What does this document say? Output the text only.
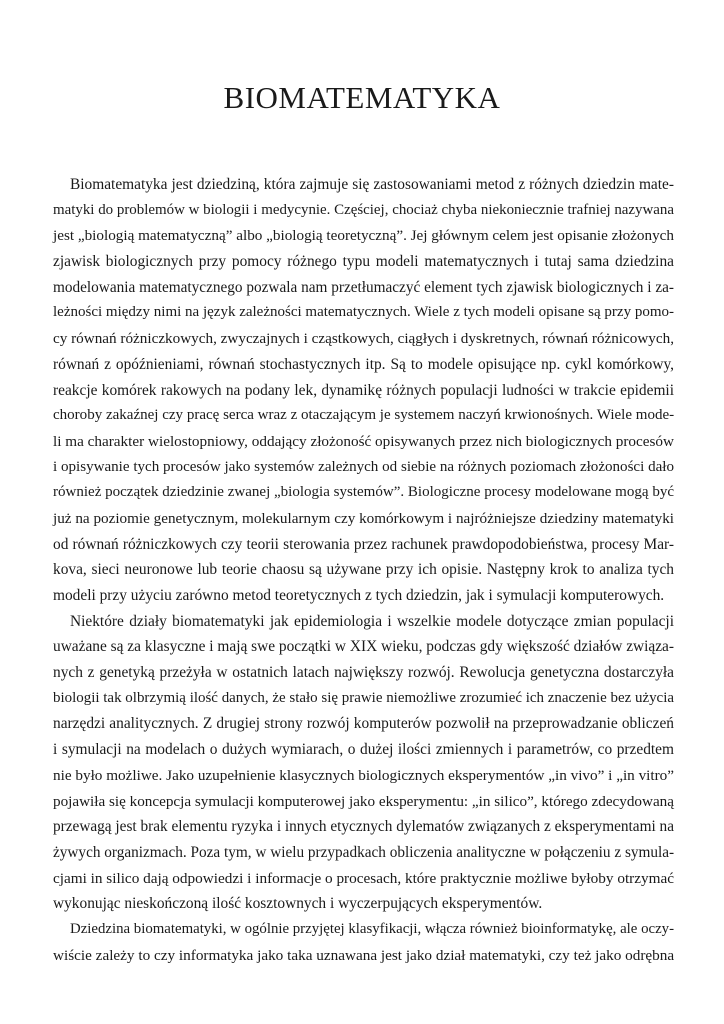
BIOMATEMATYKA
Biomatematyka jest dziedziną, która zajmuje się zastosowaniami metod z różnych dziedzin mate-
matyki do problemów w biologii i medycynie. Częściej, chociaż chyba niekoniecznie trafniej nazywana
jest „biologią matematyczną” albo „biologią teoretyczną”. Jej głównym celem jest opisanie złożonych
zjawisk biologicznych przy pomocy różnego typu modeli matematycznych i tutaj sama dziedzina
modelowania matematycznego pozwala nam przetłumaczyć element tych zjawisk biologicznych i za-
leżności między nimi na język zależności matematycznych. Wiele z tych modeli opisane są przy pomo-
cy równań różniczkowych, zwyczajnych i cząstkowych, ciągłych i dyskretnych, równań różnicowych,
równań z opóźnieniami, równań stochastycznych itp. Są to modele opisujące np. cykl komórkowy,
reakcje komórek rakowych na podany lek, dynamikę różnych populacji ludności w trakcie epidemii
choroby zakaźnej czy pracę serca wraz z otaczającym je systemem naczyń krwionośnych. Wiele mode-
li ma charakter wielostopniowy, oddający złożoność opisywanych przez nich biologicznych procesów
i opisywanie tych procesów jako systemów zależnych od siebie na różnych poziomach złożoności dało
również początek dziedzinie zwanej „biologia systemów”. Biologiczne procesy modelowane mogą być
już na poziomie genetycznym, molekularnym czy komórkowym i najróżniejsze dziedziny matematyki
od równań różniczkowych czy teorii sterowania przez rachunek prawdopodobieństwa, procesy Mar-
kova, sieci neuronowe lub teorie chaosu są używane przy ich opisie. Następny krok to analiza tych
modeli przy użyciu zarówno metod teoretycznych z tych dziedzin, jak i symulacji komputerowych.
Niektóre działy biomatematyki jak epidemiologia i wszelkie modele dotyczące zmian populacji
uważane są za klasyczne i mają swe początki w XIX wieku, podczas gdy większość działów związa-
nych z genetyką przeżyła w ostatnich latach największy rozwój. Rewolucja genetyczna dostarczyła
biologii tak olbrzymią ilość danych, że stało się prawie niemożliwe zrozumieć ich znaczenie bez użycia
narzędzi analitycznych. Z drugiej strony rozwój komputerów pozwolił na przeprowadzanie obliczeń
i symulacji na modelach o dużych wymiarach, o dużej ilości zmiennych i parametrów, co przedtem
nie było możliwe. Jako uzupełnienie klasycznych biologicznych eksperymentów „in vivo” i „in vitro”
pojawiła się koncepcja symulacji komputerowej jako eksperymentu: „in silico”, którego zdecydowaną
przewagą jest brak elementu ryzyka i innych etycznych dylematów związanych z eksperymentami na
żywych organizmach. Poza tym, w wielu przypadkach obliczenia analityczne w połączeniu z symula-
cjami in silico dają odpowiedzi i informacje o procesach, które praktycznie możliwe byłoby otrzymać
wykonując nieskończoną ilość kosztownych i wyczerpujących eksperymentów.
Dziedzina biomatematyki, w ogólnie przyjętej klasyfikacji, włącza również bioinformatykę, ale oczy-
wiście zależy to czy informatyka jako taka uznawana jest jako dział matematyki, czy też jako odrębna
